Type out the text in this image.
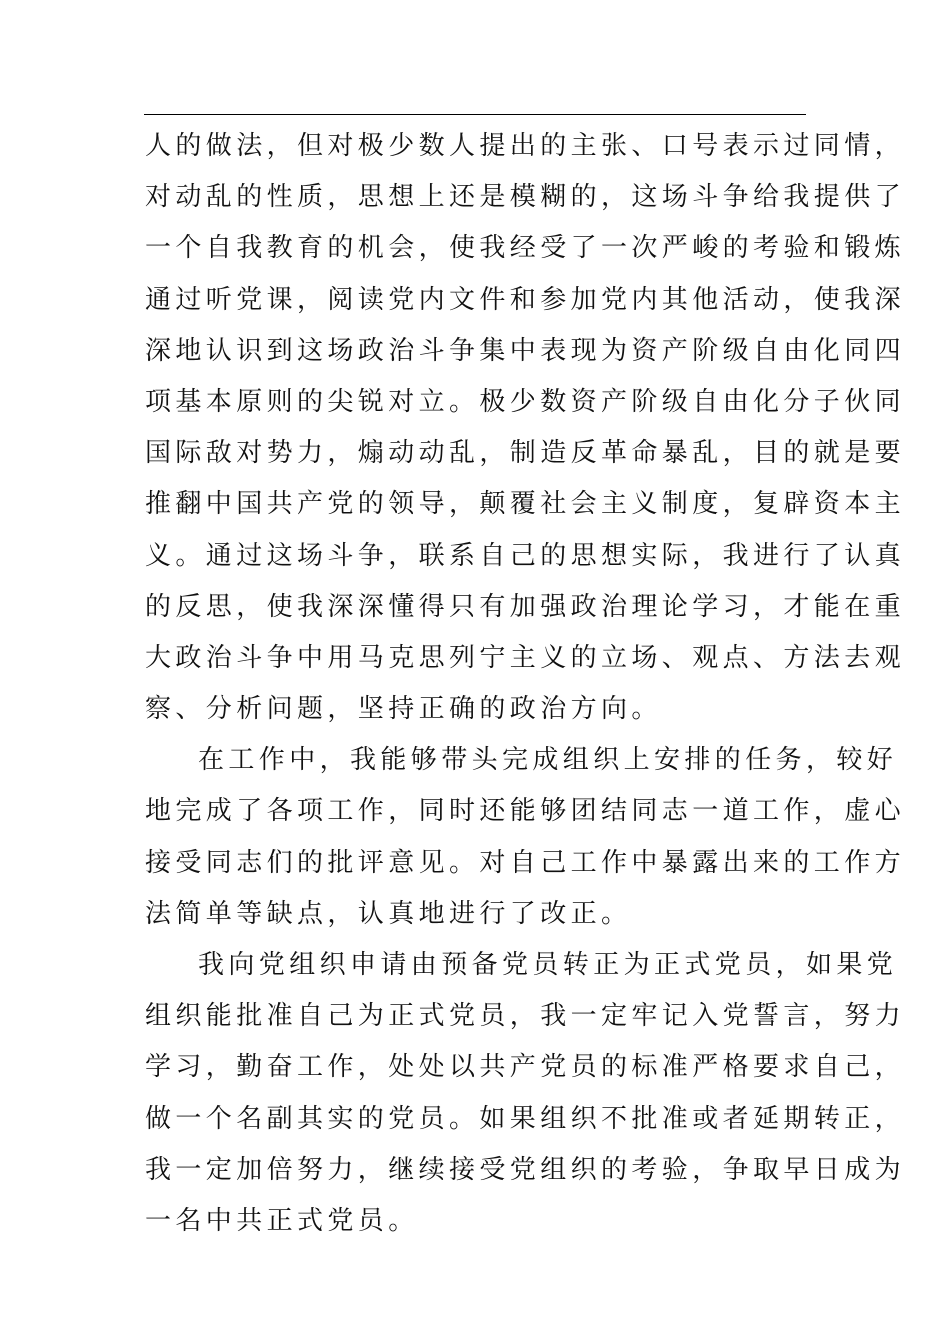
人的做法，但对极少数人提出的主张、口号表示过同情，
对动乱的性质，思想上还是模糊的，这场斗争给我提供了
一个自我教育的机会，使我经受了一次严峻的考验和锻炼
通过听党课，阅读党内文件和参加党内其他活动，使我深
深地认识到这场政治斗争集中表现为资产阶级自由化同四
项基本原则的尖锐对立。极少数资产阶级自由化分子伙同
国际敌对势力，煽动动乱，制造反革命暴乱，目的就是要
推翻中国共产党的领导，颠覆社会主义制度，复辟资本主
义。通过这场斗争，联系自己的思想实际，我进行了认真
的反思，使我深深懂得只有加强政治理论学习，才能在重
大政治斗争中用马克思列宁主义的立场、观点、方法去观
察、分析问题，坚持正确的政治方向。
在工作中，我能够带头完成组织上安排的任务，较好
地完成了各项工作，同时还能够团结同志一道工作，虚心
接受同志们的批评意见。对自己工作中暴露出来的工作方
法简单等缺点，认真地进行了改正。
我向党组织申请由预备党员转正为正式党员，如果党
组织能批准自己为正式党员，我一定牢记入党誓言，努力
学习，勤奋工作，处处以共产党员的标准严格要求自己，
做一个名副其实的党员。如果组织不批准或者延期转正，
我一定加倍努力，继续接受党组织的考验，争取早日成为
一名中共正式党员。
